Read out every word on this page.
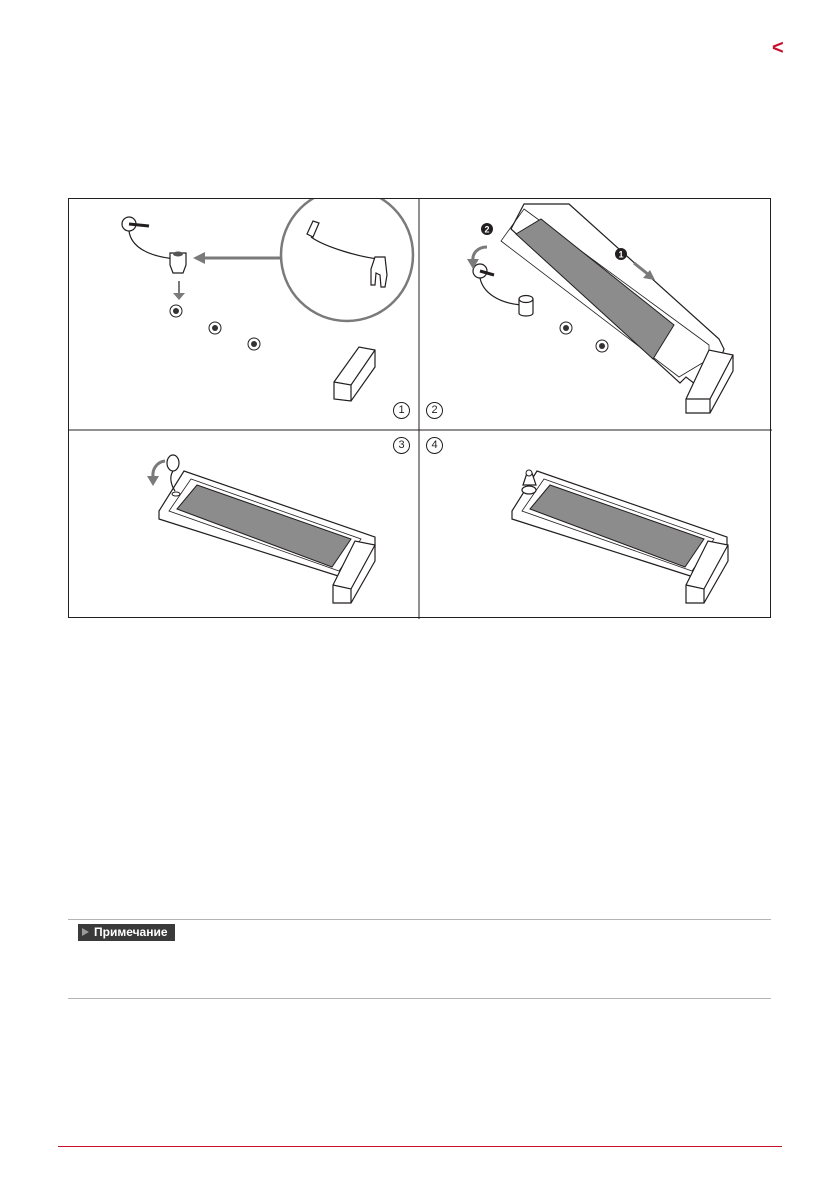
<
2
1
1	2
3	4
Примечание
